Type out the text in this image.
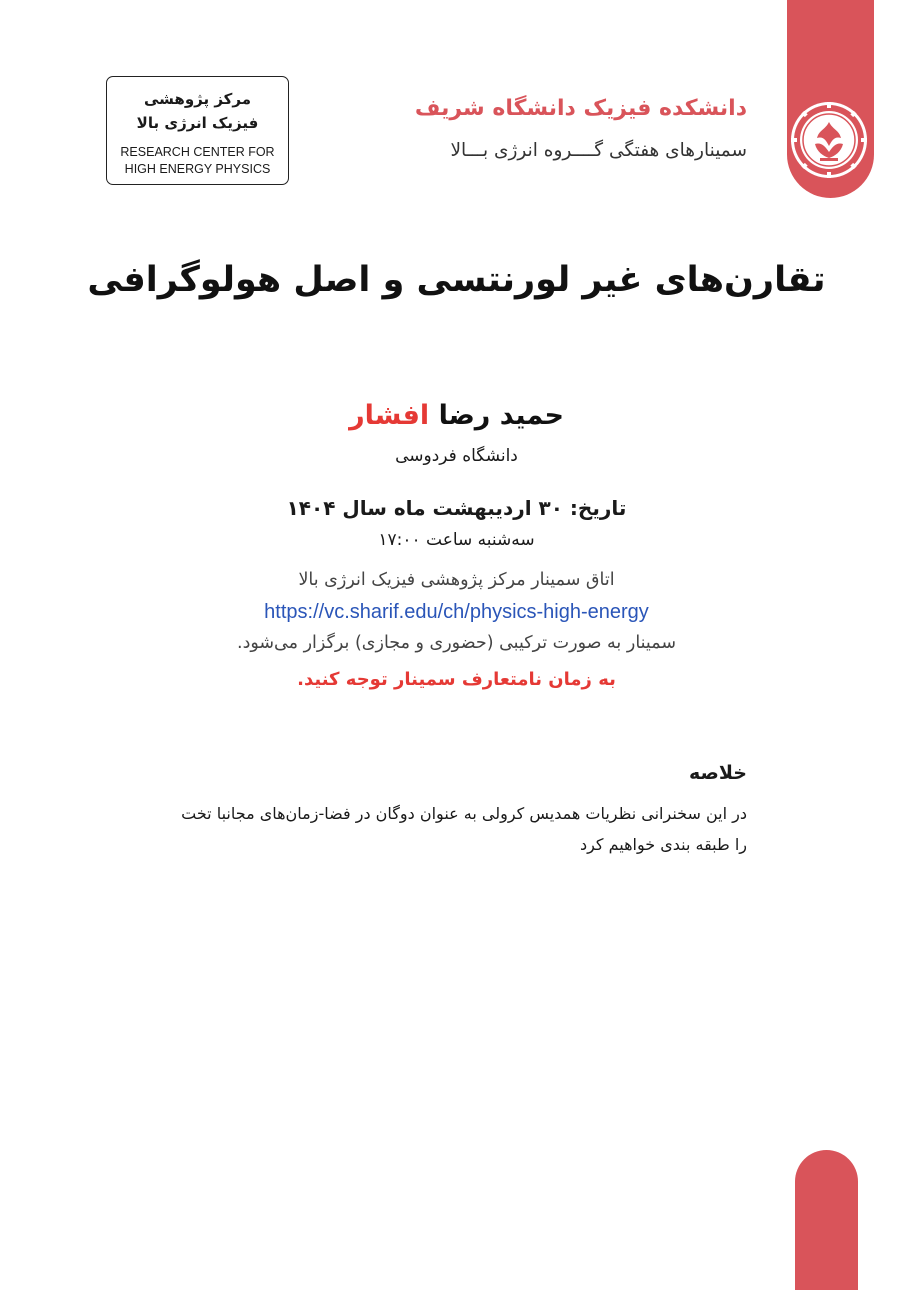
مرکز پژوهشی
فیزیک انرژی بالا
RESEARCH CENTER FOR
HIGH ENERGY PHYSICS
دانشکده فیزیک دانشگاه شریف
سمینارهای هفتگی گــــروه انرژی بـــالا
تقارن‌های غیر لورنتسی و اصل هولوگرافی
حمید رضا افشار
دانشگاه فردوسی
تاریخ: ۳۰ اردیبهشت ماه سال ۱۴۰۴
سه‌شنبه ساعت ۱۷:۰۰
اتاق سمینار مرکز پژوهشی فیزیک انرژی بالا
https://vc.sharif.edu/ch/physics-high-energy
سمینار به صورت ترکیبی (حضوری و مجازی) برگزار می‌شود.
به زمان نامتعارف سمینار توجه کنید.
خلاصه
در این سخنرانی نظریات همدیس کرولی به عنوان دوگان در فضا-زمان‌های مجانبا تخت را طبقه بندی خواهیم کرد
